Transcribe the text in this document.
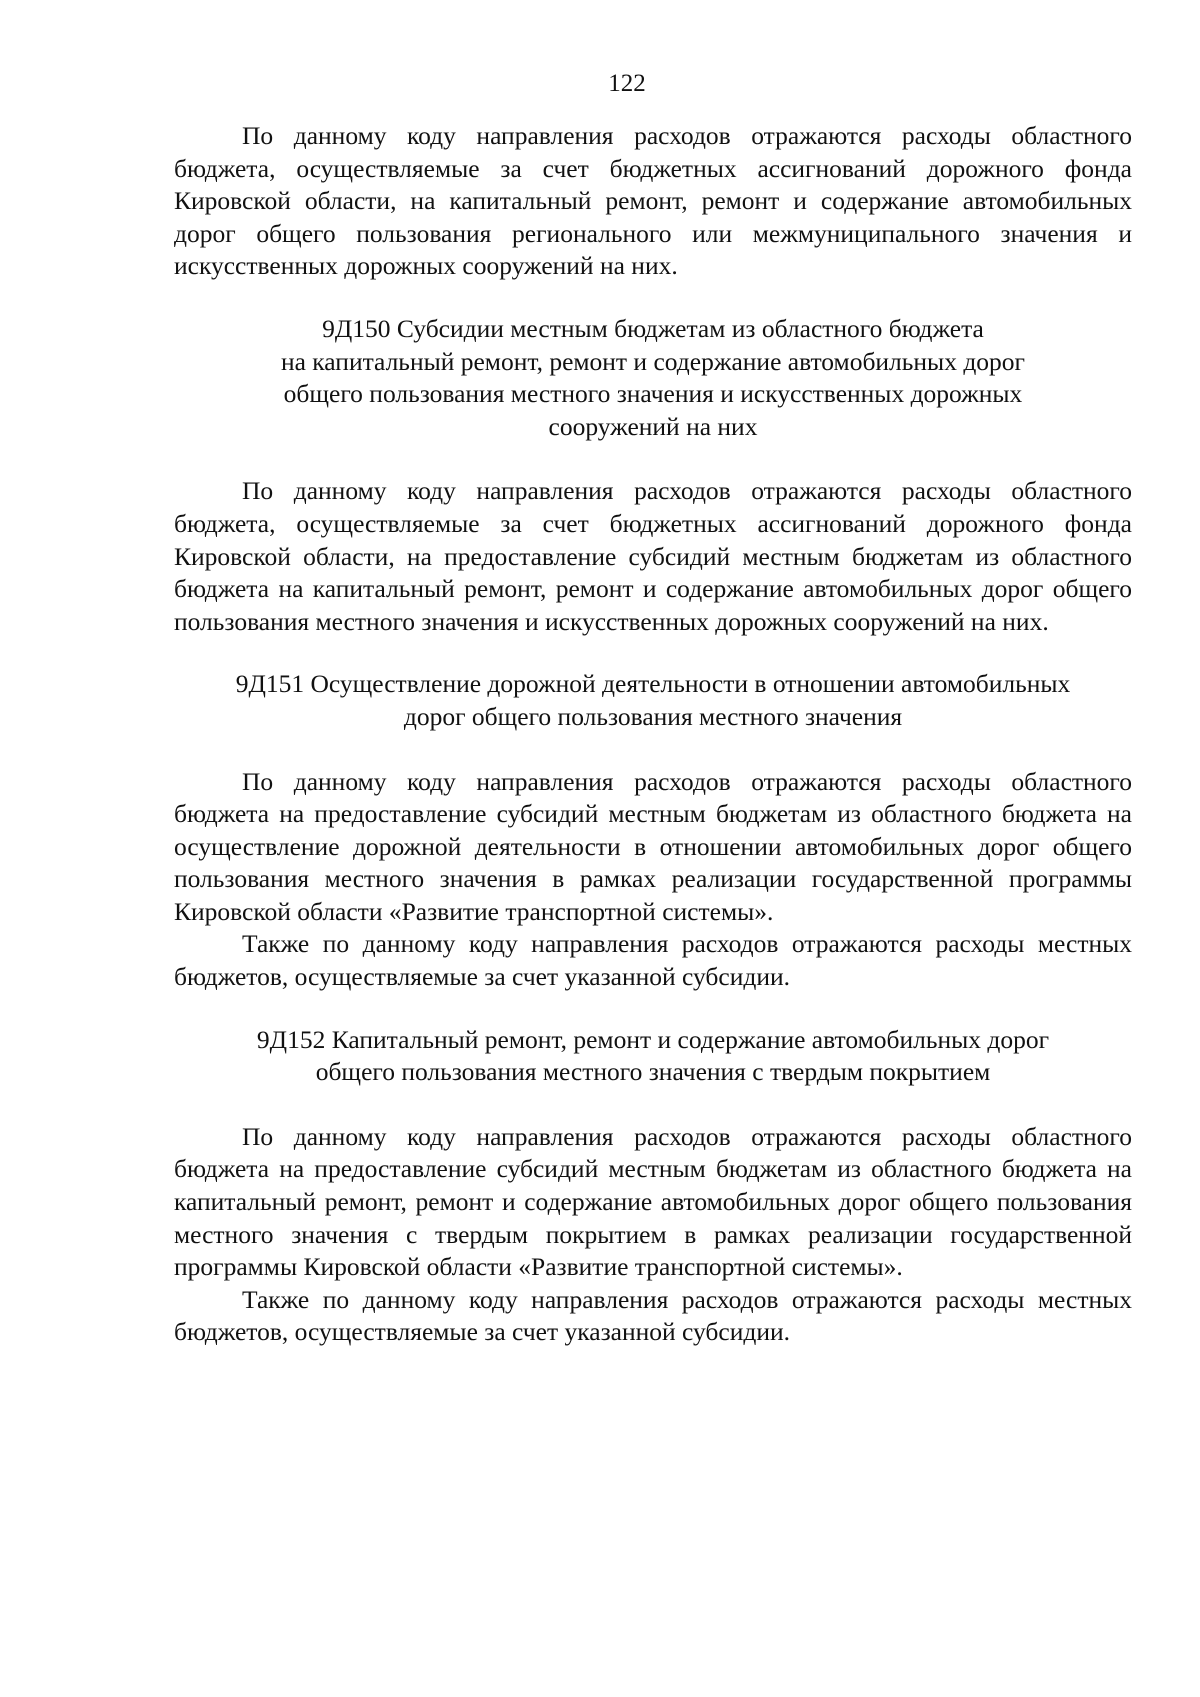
122

По данному коду направления расходов отражаются расходы областного бюджета, осуществляемые за счет бюджетных ассигнований дорожного фонда Кировской области, на капитальный ремонт, ремонт и содержание автомобильных дорог общего пользования регионального или межмуниципального значения и искусственных дорожных сооружений на них.

9Д150 Субсидии местным бюджетам из областного бюджета
на капитальный ремонт, ремонт и содержание автомобильных дорог
общего пользования местного значения и искусственных дорожных
сооружений на них

По данному коду направления расходов отражаются расходы областного бюджета, осуществляемые за счет бюджетных ассигнований дорожного фонда Кировской области, на предоставление субсидий местным бюджетам из областного бюджета на капитальный ремонт, ремонт и содержание автомобильных дорог общего пользования местного значения и искусственных дорожных сооружений на них.

9Д151 Осуществление дорожной деятельности в отношении автомобильных
дорог общего пользования местного значения

По данному коду направления расходов отражаются расходы областного бюджета на предоставление субсидий местным бюджетам из областного бюджета на осуществление дорожной деятельности в отношении автомобильных дорог общего пользования местного значения в рамках реализации государственной программы Кировской области «Развитие транспортной системы».

Также по данному коду направления расходов отражаются расходы местных бюджетов, осуществляемые за счет указанной субсидии.

9Д152 Капитальный ремонт, ремонт и содержание автомобильных дорог
общего пользования местного значения с твердым покрытием

По данному коду направления расходов отражаются расходы областного бюджета на предоставление субсидий местным бюджетам из областного бюджета на капитальный ремонт, ремонт и содержание автомобильных дорог общего пользования местного значения с твердым покрытием в рамках реализации государственной программы Кировской области «Развитие транспортной системы».

Также по данному коду направления расходов отражаются расходы местных бюджетов, осуществляемые за счет указанной субсидии.
